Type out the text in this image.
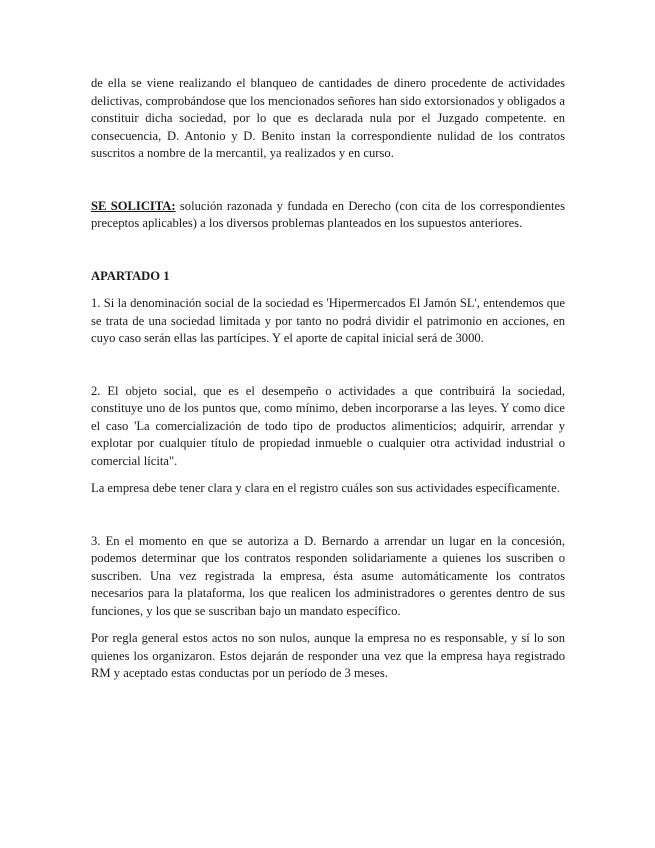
de ella se viene realizando el blanqueo de cantidades de dinero procedente de actividades delictivas, comprobándose que los mencionados señores han sido extorsionados y obligados a constituir dicha sociedad, por lo que es declarada nula por el Juzgado competente. en consecuencia, D. Antonio y D. Benito instan la correspondiente nulidad de los contratos suscritos a nombre de la mercantil, ya realizados y en curso.

SE SOLICITA: solución razonada y fundada en Derecho (con cita de los correspondientes preceptos aplicables) a los diversos problemas planteados en los supuestos anteriores.

APARTADO 1

1. Si la denominación social de la sociedad es 'Hipermercados El Jamón SL', entendemos que se trata de una sociedad limitada y por tanto no podrá dividir el patrimonio en acciones, en cuyo caso serán ellas las partícipes. Y el aporte de capital inicial será de 3000.

2. El objeto social, que es el desempeño o actividades a que contribuirá la sociedad, constituye uno de los puntos que, como mínimo, deben incorporarse a las leyes. Y como dice el caso 'La comercialización de todo tipo de productos alimenticios; adquirir, arrendar y explotar por cualquier título de propiedad inmueble o cualquier otra actividad industrial o comercial lícita".

La empresa debe tener clara y clara en el registro cuáles son sus actividades específicamente.

3. En el momento en que se autoriza a D. Bernardo a arrendar un lugar en la concesión, podemos determinar que los contratos responden solidariamente a quienes los suscriben o suscriben. Una vez registrada la empresa, ésta asume automáticamente los contratos necesarios para la plataforma, los que realicen los administradores o gerentes dentro de sus funciones, y los que se suscriban bajo un mandato específico.

Por regla general estos actos no son nulos, aunque la empresa no es responsable, y sí lo son quienes los organizaron. Estos dejarán de responder una vez que la empresa haya registrado RM y aceptado estas conductas por un período de 3 meses.
